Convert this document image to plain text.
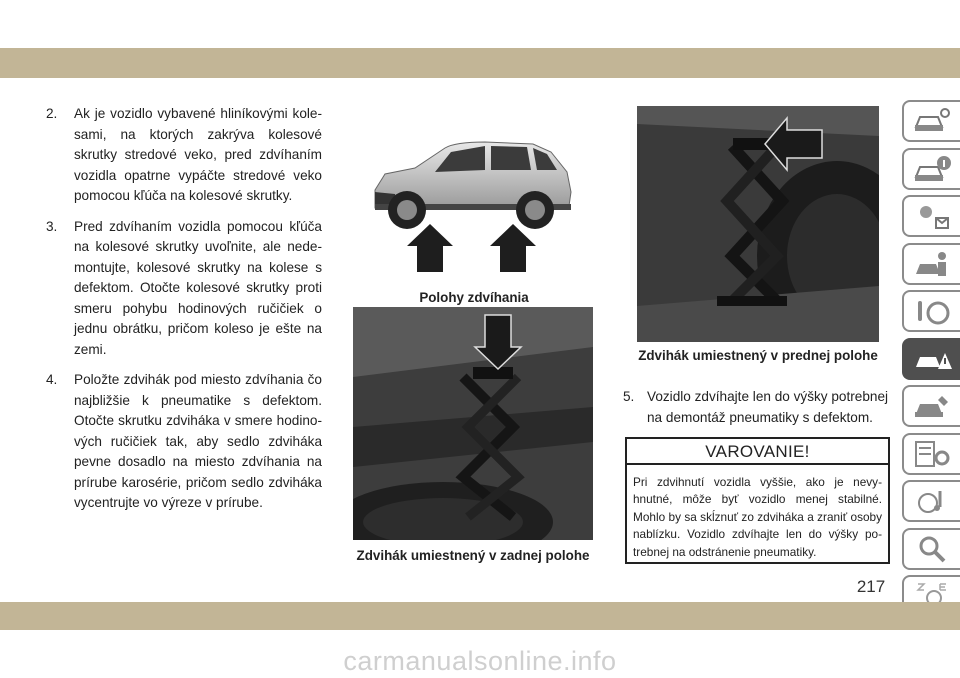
2. Ak je vozidlo vybavené hliníkovými kole-sami, na ktorých zakrýva kolesové skrutky stredové veko, pred zdvíhaním vozidla opatrne vypáčte stredové veko pomocou kľúča na kolesové skrutky.
3. Pred zdvíhaním vozidla pomocou kľúča na kolesové skrutky uvoľnite, ale nede-montujte, kolesové skrutky na kolese s defektom. Otočte kolesové skrutky proti smeru pohybu hodinových ručičiek o jednu obrátku, pričom koleso je ešte na zemi.
4. Položte zdvihák pod miesto zdvíhania čo najbližšie k pneumatike s defektom. Otočte skrutku zdviháka v smere hodino-vých ručičiek tak, aby sedlo zdviháka pevne dosadlo na miesto zdvíhania na prírube karosérie, pričom sedlo zdviháka vycentrujte vo výreze v prírube.
Polohy zdvíhania
Zdvihák umiestnený v zadnej polohe
Zdvihák umiestnený v prednej polohe
5. Vozidlo zdvíhajte len do výšky potrebnej na demontáž pneumatiky s defektom.
VAROVANIE!
Pri zdvihnutí vozidla vyššie, ako je nevy-hnutné, môže byť vozidlo menej stabilné. Mohlo by sa skĺznuť zo zdviháka a zraniť osoby nablízku. Vozidlo zdvíhajte len do výšky po-trebnej na odstránenie pneumatiky.
217
carmanualsonline.info
